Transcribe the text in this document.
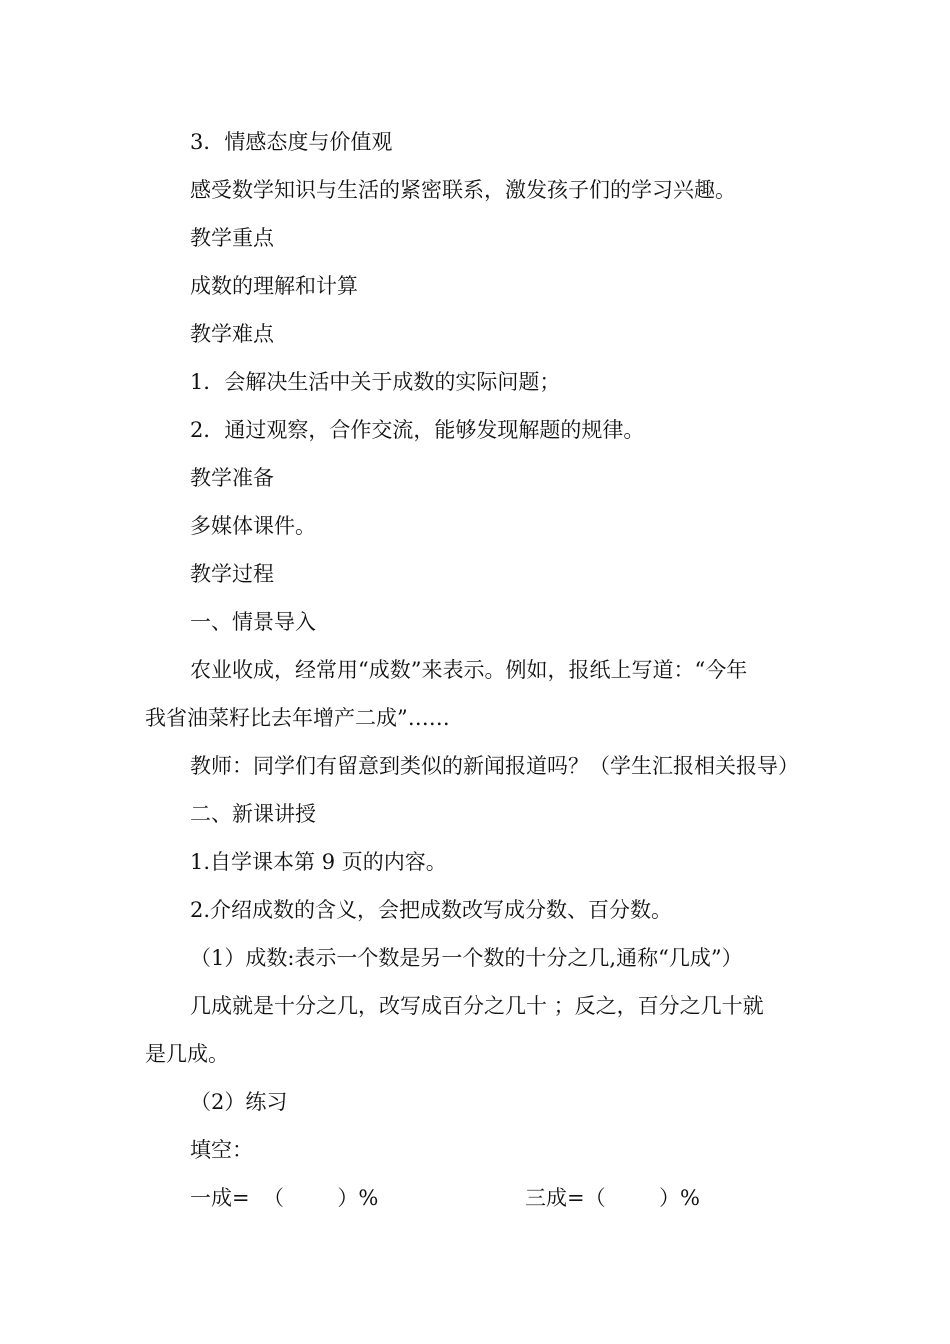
3．情感态度与价值观

感受数学知识与生活的紧密联系，激发孩子们的学习兴趣。

教学重点

成数的理解和计算

教学难点

1．会解决生活中关于成数的实际问题；

2．通过观察，合作交流，能够发现解题的规律。

教学准备

多媒体课件。

教学过程

一、情景导入

农业收成，经常用“成数”来表示。例如，报纸上写道：“今年

我省油菜籽比去年增产二成”……

教师：同学们有留意到类似的新闻报道吗？（学生汇报相关报导）

二、新课讲授

1.自学课本第 9 页的内容。

2.介绍成数的含义，会把成数改写成分数、百分数。

（1）成数:表示一个数是另一个数的十分之几,通称“几成”）

几成就是十分之几，改写成百分之几十 ；反之，百分之几十就

是几成。

（2）练习

填空：

一成=  （        ）%	三成=（        ）%
